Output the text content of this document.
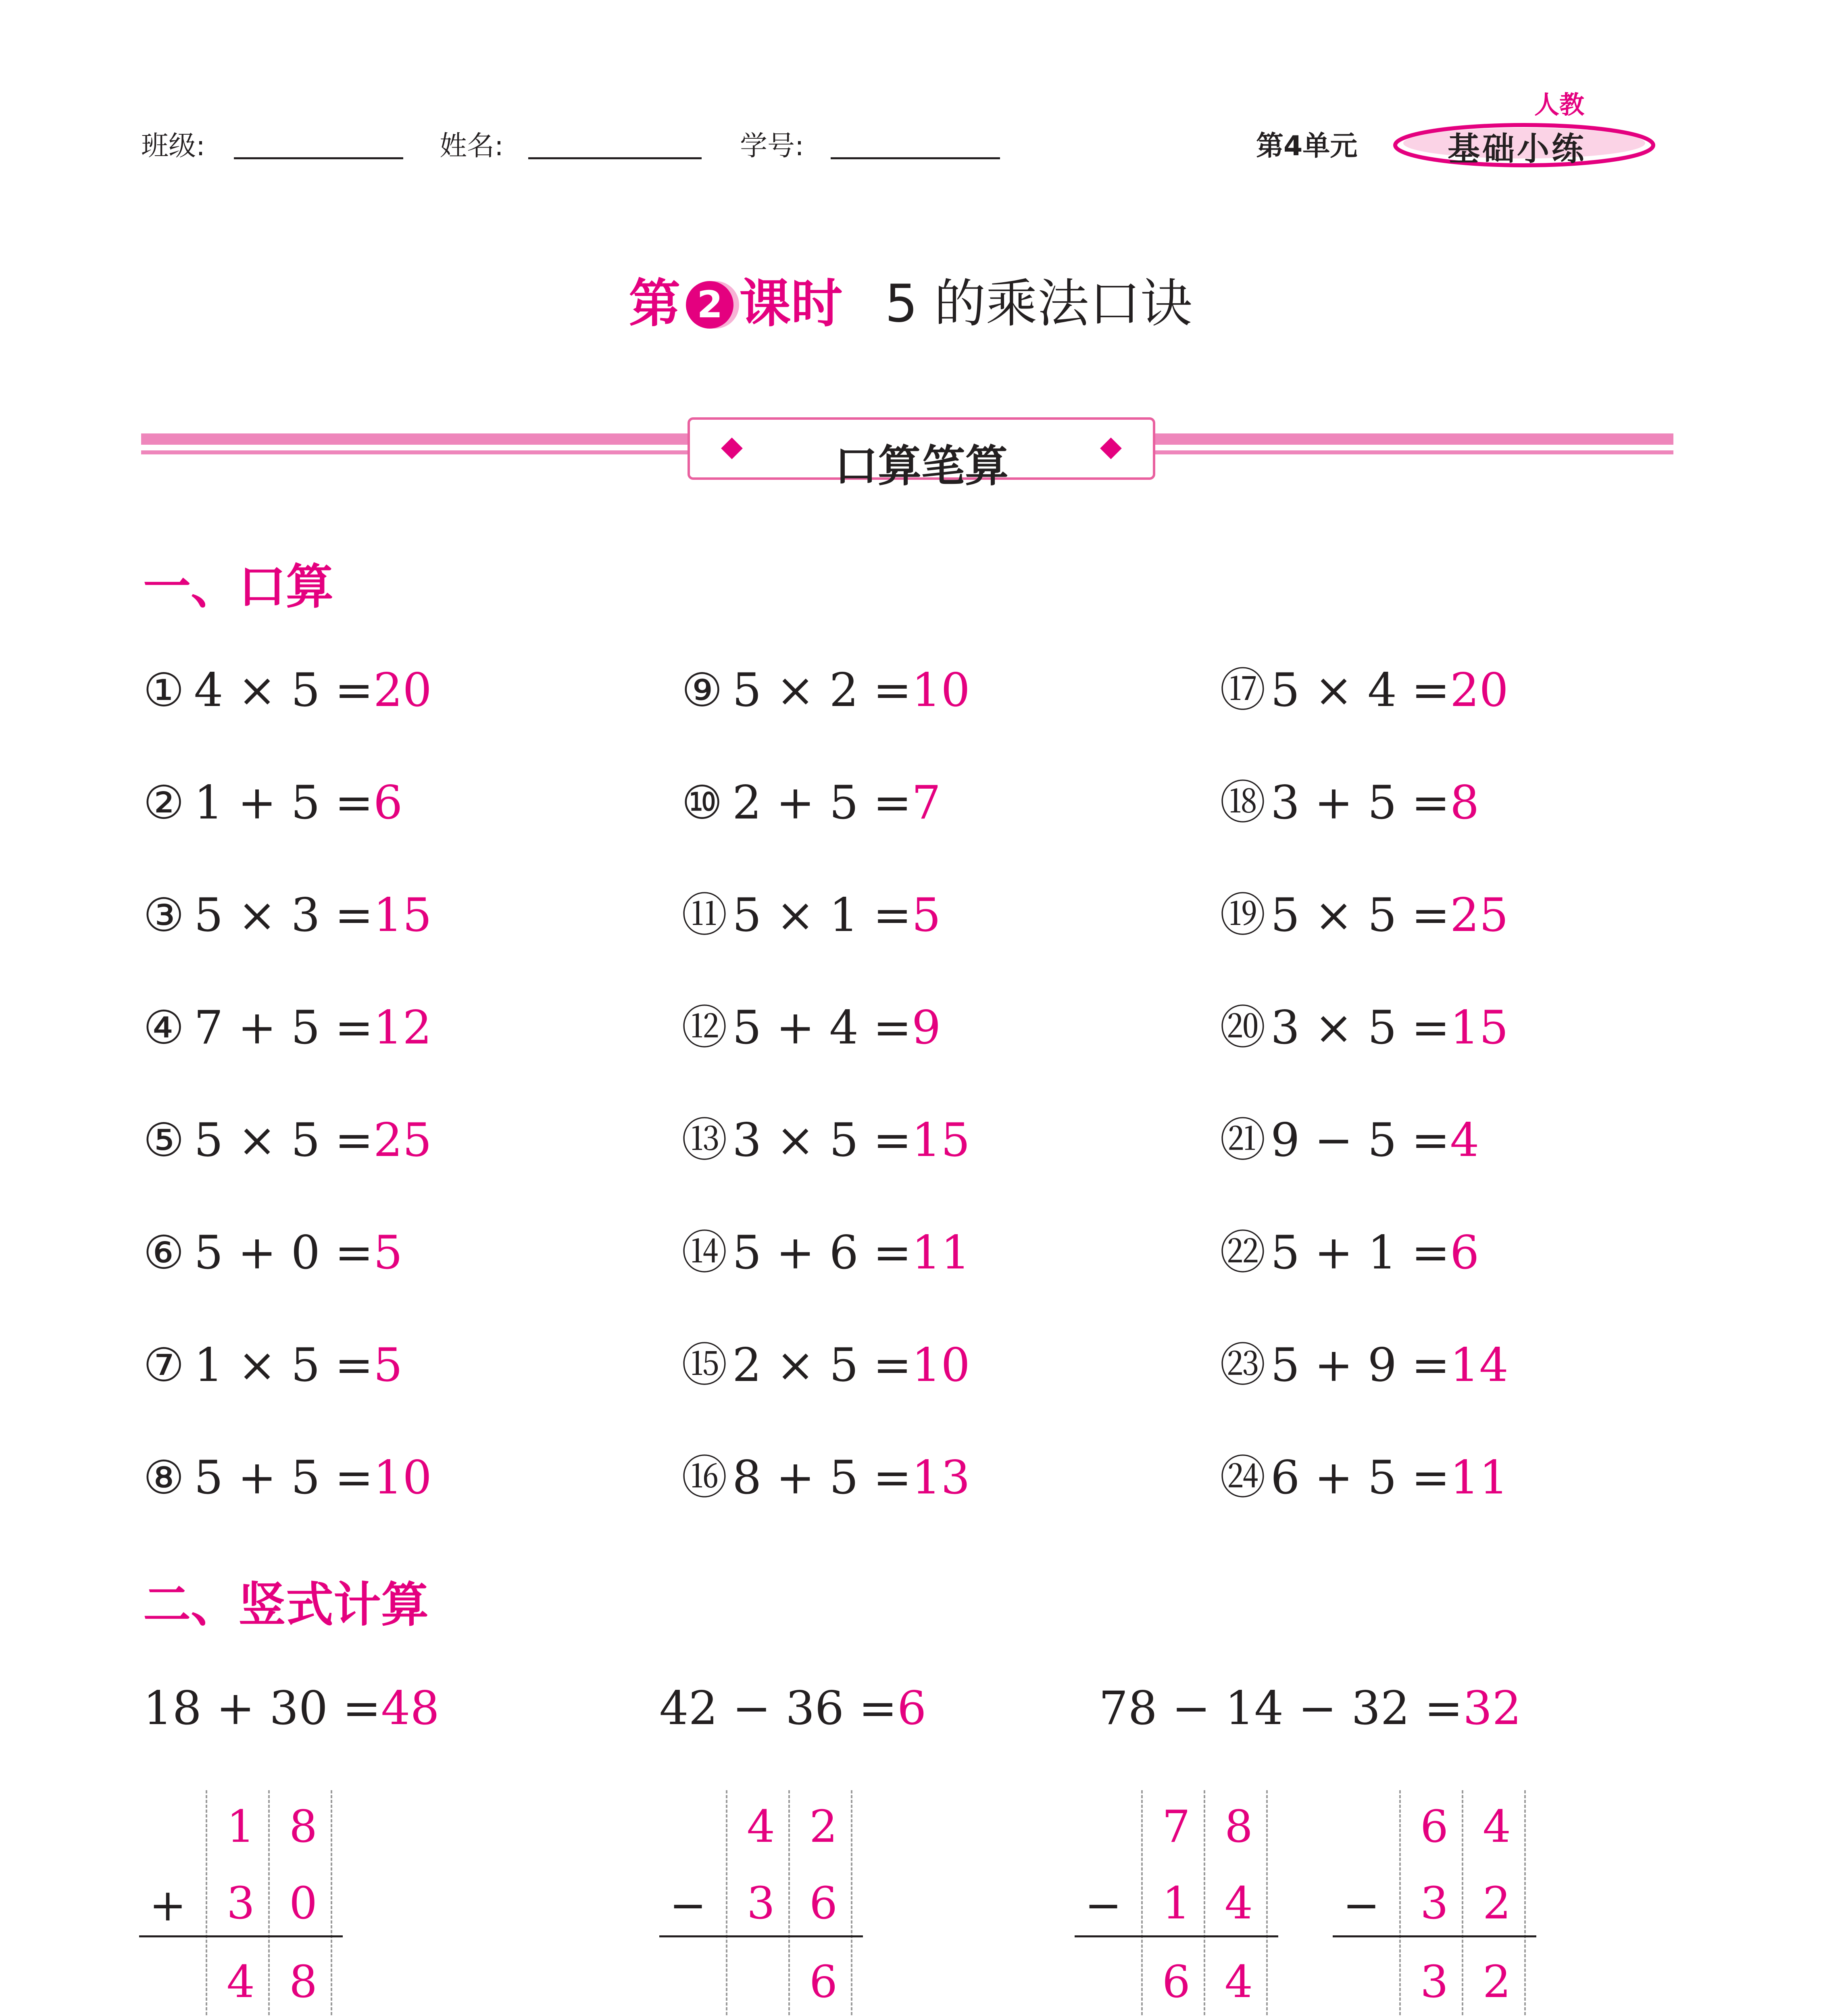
班级:	姓名:	学号:	第4单元
人教
基础小练
第 2 课时 5 的乘法口诀
口算笔算
一、口算
① 4 × 5 =20
② 1 + 5 =6
③ 5 × 3 =15
④ 7 + 5 =12
⑤ 5 × 5 =25
⑥ 5 + 0 =5
⑦ 1 × 5 =5
⑧ 5 + 5 =10
⑨ 5 × 2 =10
⑩ 2 + 5 =7
⑪ 5 × 1 =5
⑫ 5 + 4 =9
⑬ 3 × 5 =15
⑭ 5 + 6 =11
⑮ 2 × 5 =10
⑯ 8 + 5 =13
⑰ 5 × 4 =20
⑱ 3 + 5 =8
⑲ 5 × 5 =25
⑳ 3 × 5 =15
㉑ 9 − 5 =4
㉒ 5 + 1 =6
㉓ 5 + 9 =14
㉔ 6 + 5 =11
二、竖式计算
18 + 30 =48	42 − 36 =6	78 − 14 − 32 =32
+
1 8
3 0
4 8
−
4 2
3 6
6
−
7 8
1 4
6 4
−
6 4
3 2
3 2
